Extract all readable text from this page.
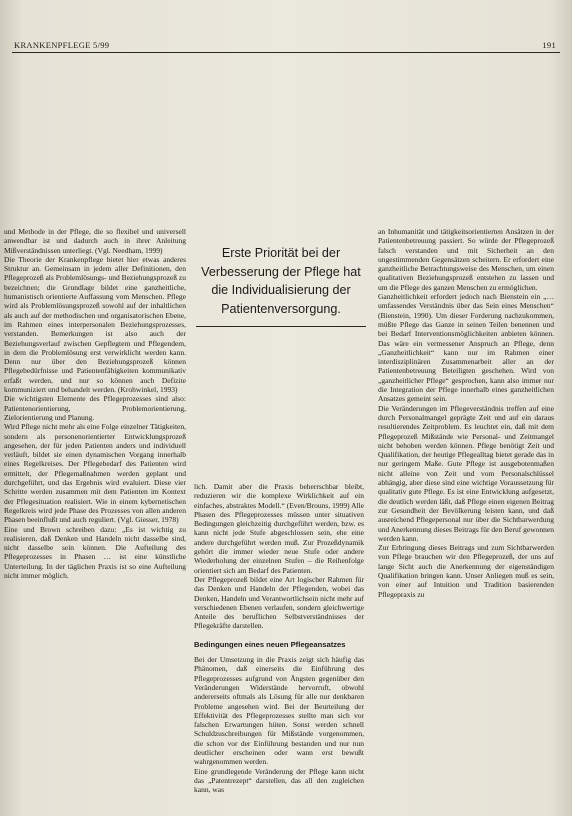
KRANKENPFLEGE 5/99	191

und Methode in der Pflege, die so flexibel und universell anwendbar ist und dadurch auch in ihrer Anleitung Mißverständnissen unterliegt. (Vgl. Needham, 1999)

Die Theorie der Krankenpflege bietet hier etwas anderes Struktur an. Gemeinsam in jedem aller Definitionen, den Pflegeprozeß als Problemlösungs- und Beziehungsprozeß zu bezeichnen; die Grundlage bildet eine ganzheitliche, humanistisch orientierte Auffassung vom Menschen. Pflege wird als Problemlösungsprozeß sowohl auf der inhaltlichen als auch auf der methodischen und organisatorischen Ebene, im Rahmen eines interpersonalen Beziehungsprozesses, verstanden. Bemerkungen ist also auch der Beziehungsverlauf zwischen Gepflegtem und Pflegendem, in dem die Problemlösung erst verwirklicht werden kann. Denn nur über den Beziehungsprozeß können Pflegebedürfnisse und Patientenfähigkeiten kommunikativ erfaßt werden, und nur so können auch Defizite kommuniziert und behandelt werden. (Krohwinkel, 1993)

Die wichtigsten Elemente des Pflegeprozesses sind also: Patientenorientierung, Problemorientierung, Zielorientierung und Planung.

Wird Pflege nicht mehr als eine Folge einzelner Tätigkeiten, sondern als personenorientierter Entwicklungsprozeß angesehen, der für jeden Patienten anders und individuell verläuft, bildet sie einen dynamischen Vorgang innerhalb eines Regelkreises. Der Pflegebedarf des Patienten wird ermittelt, der Pflegemaßnahmen werden geplant und durchgeführt, und das Ergebnis wird evaluiert. Diese vier Schritte werden zusammen mit dem Patienten im Kontext der Pflegesituation realisiert. Wie in einem kybernetischen Regelkreis wird jede Phase des Prozesses von allen anderen Phasen beeinflußt und auch reguliert. (Vgl. Giesser, 1978)

Eine und Brown schreiben dazu: „Es ist wichtig zu realisieren, daß Denken und Handeln nicht dasselbe sind, nicht dasselbe sein können. Die Aufteilung des Pflegeprozesses in Phasen … ist eine künstliche Unterteilung. In der täglichen Praxis ist so eine Aufteilung nicht immer möglich.

Erste Priorität bei der Verbesserung der Pflege hat die Individualisierung der Patientenversorgung.

lich. Damit aber die Praxis beherrschbar bleibt, reduzieren wir die komplexe Wirklichkeit auf ein einfaches, abstraktes Modell.“ (Even/Brouns, 1999) Alle Phasen des Pflegeprozesses müssen unter situativen Bedingungen gleichzeitig durchgeführt werden, bzw. es kann nicht jede Stufe abgeschlossen sein, ehe eine andere durchgeführt werden muß. Zur Prozeßdynamik gehört die immer wieder neue Stufe oder andere Wiederholung der einzelnen Stufen – die Reihenfolge orientiert sich am Bedarf des Patienten.

Der Pflegeprozeß bildet eine Art logischer Rahmen für das Denken und Handeln der Pflegenden, wobei das Denken, Handeln und Verantwortlichsein nicht mehr auf verschiedenen Ebenen verlaufen, sondern gleichwertige Anteile des beruflichen Selbstverständnisses der Pflegekräfte darstellen.

Bedingungen eines neuen Pflegeansatzes

Bei der Umsetzung in die Praxis zeigt sich häufig das Phänomen, daß einerseits die Einführung des Pflegeprozesses aufgrund von Ängsten gegenüber den Veränderungen Widerstände hervorruft, obwohl andererseits oftmals als Lösung für alle nur denkbaren Probleme angesehen wird. Bei der Beurteilung der Effektivität des Pflegeprozesses stellte man sich vor falschen Erwartungen hüten. Sonst werden schnell Schuldzuschreibungen für Mißstände vorgenommen, die schon vor der Einführung bestanden und nur nun deutlicher erscheinen oder wann erst bewußt wahrgenommen werden.

Eine grundlegende Veränderung der Pflege kann nicht das „Patentrezept“ darstellen, das all den zugleichen kann, was

an Inhumanität und tätigkeitsorientierten Ansätzen in der Patientenbetreuung passiert. So würde der Pflegeprozeß falsch verstanden und mit Sicherheit an den ungestimmenden Gegensätzen scheitern. Er erfordert eine ganzheitliche Betrachtungsweise des Menschen, um einen qualitativen Beziehungsprozeß entstehen zu lassen und um die Pflege des ganzen Menschen zu ermöglichen.

Ganzheitlichkeit erfordert jedoch nach Bienstein ein „…umfassendes Verständnis über das Sein eines Menschen“ (Bienstein, 1990). Um dieser Forderung nachzukommen, müßte Pflege das Ganze in seinen Teilen benennen und bei Bedarf Interventionsmöglichkeiten anbieten können. Das wäre ein vermessener Anspruch an Pflege, denn „Ganzheitlichkeit“ kann nur im Rahmen einer interdisziplinären Zusammenarbeit aller an der Patientenbetreuung Beteiligten geschehen. Wird von „ganzheitlicher Pflege“ gesprochen, kann also immer nur die Integration der Pflege innerhalb eines ganzheitlichen Ansatzes gemeint sein.

Die Veränderungen im Pflegeverständnis treffen auf eine durch Personalmangel geprägte Zeit und auf ein daraus resultierendes Zeitproblem. Es leuchtet ein, daß mit dem Pflegeprozeß Mißstände wie Personal- und Zeitmangel nicht behoben werden können. Pflege benötigt Zeit und Qualifikation, der heutige Pflegealltag bietet gerade das in nur geringem Maße. Gute Pflege ist ausgebotenmaßen nicht alleine von Zeit und vom Personalschlüssel abhängig, aber diese sind eine wichtige Voraussetzung für qualitativ gute Pflege. Es ist eine Entwicklung aufgesetzt, die deutlich werden läßt, daß Pflege einen eigenen Beitrag zur Gesundheit der Bevölkerung leisten kann, und daß ausreichend Pflegepersonal nur über die Sichtbarwerdung und Anerkennung dieses Beitrags für den Beruf gewonnen werden kann.

Zur Erbringung dieses Beitrags und zum Sichtbarwerden von Pflege brauchen wir den Pflegeprozeß, der uns auf lange Sicht auch die Anerkennung der eigenständigen Qualifikation bringen kann. Unser Anliegen muß es sein, von einer auf Intuition und Tradition basierenden Pflegepraxis zu
